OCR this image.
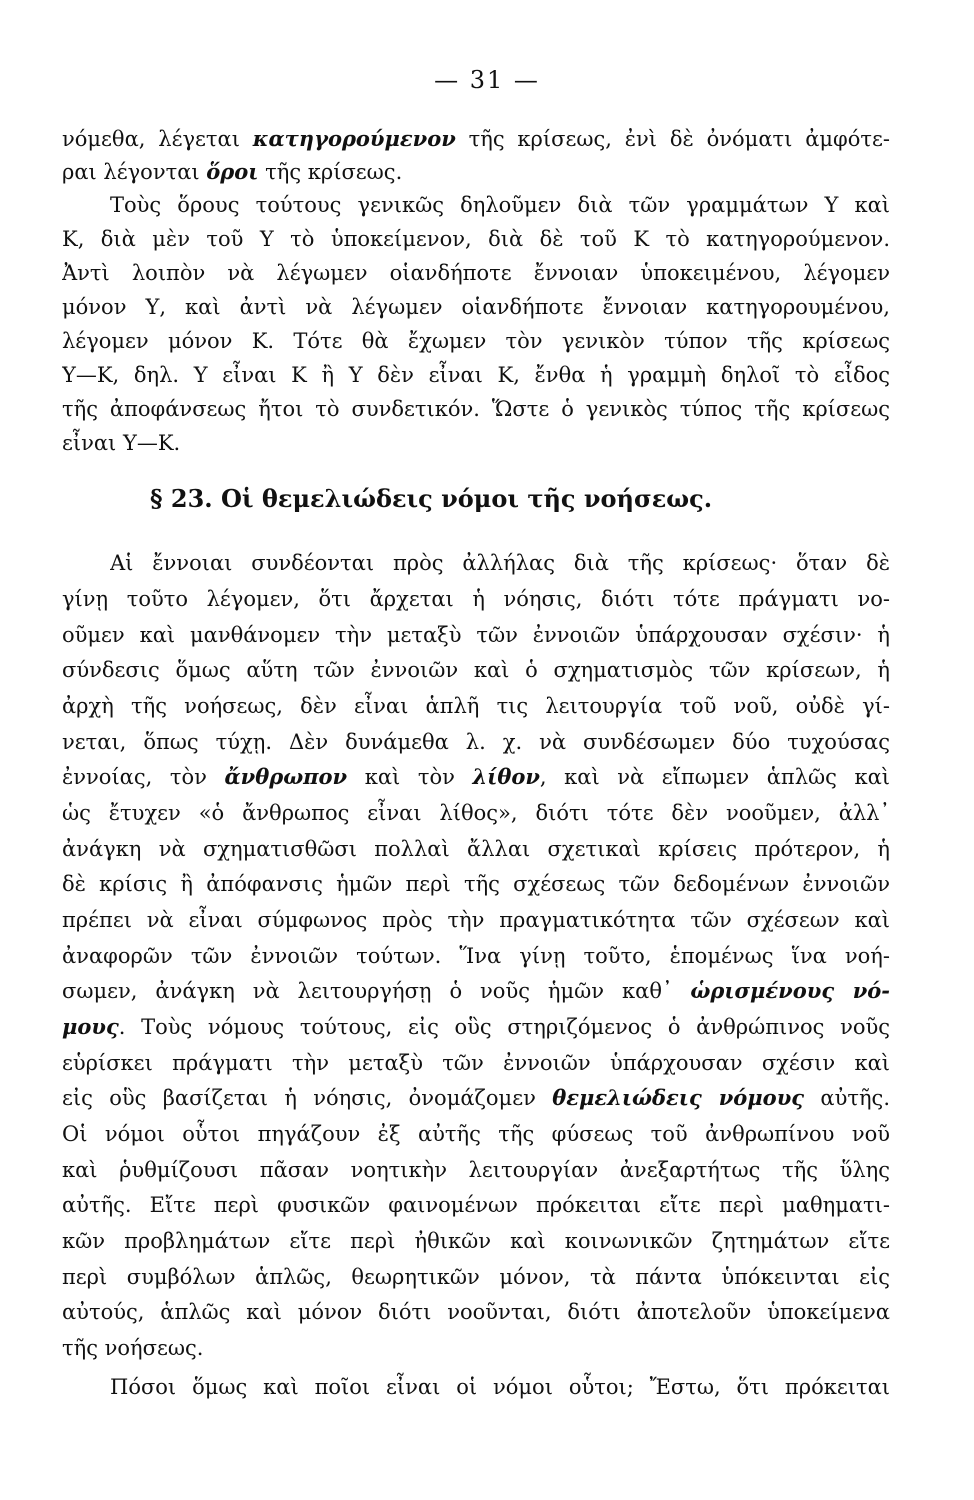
— 31 —
νόμεθα, λέγεται κατηγορούμενον τῆς κρίσεως, ἐνὶ δὲ ὀνόματι ἀμφότε-
ραι λέγονται ὅροι τῆς κρίσεως.
Τοὺς ὅρους τούτους γενικῶς δηλοῦμεν διὰ τῶν γραμμάτων Υ καὶ
Κ, διὰ μὲν τοῦ Υ τὸ ὑποκείμενον, διὰ δὲ τοῦ Κ τὸ κατηγορούμενον.
Ἀντὶ λοιπὸν νὰ λέγωμεν οἱανδήποτε ἔννοιαν ὑποκειμένου, λέγομεν
μόνον Υ, καὶ ἀντὶ νὰ λέγωμεν οἱανδήποτε ἔννοιαν κατηγορουμένου,
λέγομεν μόνον Κ. Τότε θὰ ἔχωμεν τὸν γενικὸν τύπον τῆς κρίσεως
Υ—Κ, δηλ. Υ εἶναι Κ ἢ Υ δὲν εἶναι Κ, ἔνθα ἡ γραμμὴ δηλοῖ τὸ εἶδος
τῆς ἀποφάνσεως ἤτοι τὸ συνδετικόν. Ὥστε ὁ γενικὸς τύπος τῆς κρίσεως
εἶναι Υ—Κ.
§ 23. Οἱ θεμελιώδεις νόμοι τῆς νοήσεως.
Αἱ ἔννοιαι συνδέονται πρὸς ἀλλήλας διὰ τῆς κρίσεως· ὅταν δὲ
γίνῃ τοῦτο λέγομεν, ὅτι ἄρχεται ἡ νόησις, διότι τότε πράγματι νο-
οῦμεν καὶ μανθάνομεν τὴν μεταξὺ τῶν ἐννοιῶν ὑπάρχουσαν σχέσιν· ἡ
σύνδεσις ὅμως αὕτη τῶν ἐννοιῶν καὶ ὁ σχηματισμὸς τῶν κρίσεων, ἡ
ἀρχὴ τῆς νοήσεως, δὲν εἶναι ἁπλῆ τις λειτουργία τοῦ νοῦ, οὐδὲ γί-
νεται, ὅπως τύχῃ. Δὲν δυνάμεθα λ. χ. νὰ συνδέσωμεν δύο τυχούσας
ἐννοίας, τὸν ἄνθρωπον καὶ τὸν λίθον, καὶ νὰ εἴπωμεν ἁπλῶς καὶ
ὡς ἔτυχεν «ὁ ἄνθρωπος εἶναι λίθος», διότι τότε δὲν νοοῦμεν, ἀλλ᾽
ἀνάγκη νὰ σχηματισθῶσι πολλαὶ ἄλλαι σχετικαὶ κρίσεις πρότερον, ἡ
δὲ κρίσις ἢ ἀπόφανσις ἡμῶν περὶ τῆς σχέσεως τῶν δεδομένων ἐννοιῶν
πρέπει νὰ εἶναι σύμφωνος πρὸς τὴν πραγματικότητα τῶν σχέσεων καὶ
ἀναφορῶν τῶν ἐννοιῶν τούτων. Ἵνα γίνῃ τοῦτο, ἑπομένως ἵνα νοή-
σωμεν, ἀνάγκη νὰ λειτουργήσῃ ὁ νοῦς ἡμῶν καθ᾽ ὡρισμένους νό-
μους. Τοὺς νόμους τούτους, εἰς οὓς στηριζόμενος ὁ ἀνθρώπινος νοῦς
εὑρίσκει πράγματι τὴν μεταξὺ τῶν ἐννοιῶν ὑπάρχουσαν σχέσιν καὶ
εἰς οὓς βασίζεται ἡ νόησις, ὀνομάζομεν θεμελιώδεις νόμους αὐτῆς.
Οἱ νόμοι οὗτοι πηγάζουν ἐξ αὐτῆς τῆς φύσεως τοῦ ἀνθρωπίνου νοῦ
καὶ ῥυθμίζουσι πᾶσαν νοητικὴν λειτουργίαν ἀνεξαρτήτως τῆς ὕλης
αὐτῆς. Εἴτε περὶ φυσικῶν φαινομένων πρόκειται εἴτε περὶ μαθηματι-
κῶν προβλημάτων εἴτε περὶ ἠθικῶν καὶ κοινωνικῶν ζητημάτων εἴτε
περὶ συμβόλων ἁπλῶς, θεωρητικῶν μόνον, τὰ πάντα ὑπόκεινται εἰς
αὐτούς, ἁπλῶς καὶ μόνον διότι νοοῦνται, διότι ἀποτελοῦν ὑποκείμενα
τῆς νοήσεως.
Πόσοι ὅμως καὶ ποῖοι εἶναι οἱ νόμοι οὗτοι; Ἔστω, ὅτι πρόκειται
